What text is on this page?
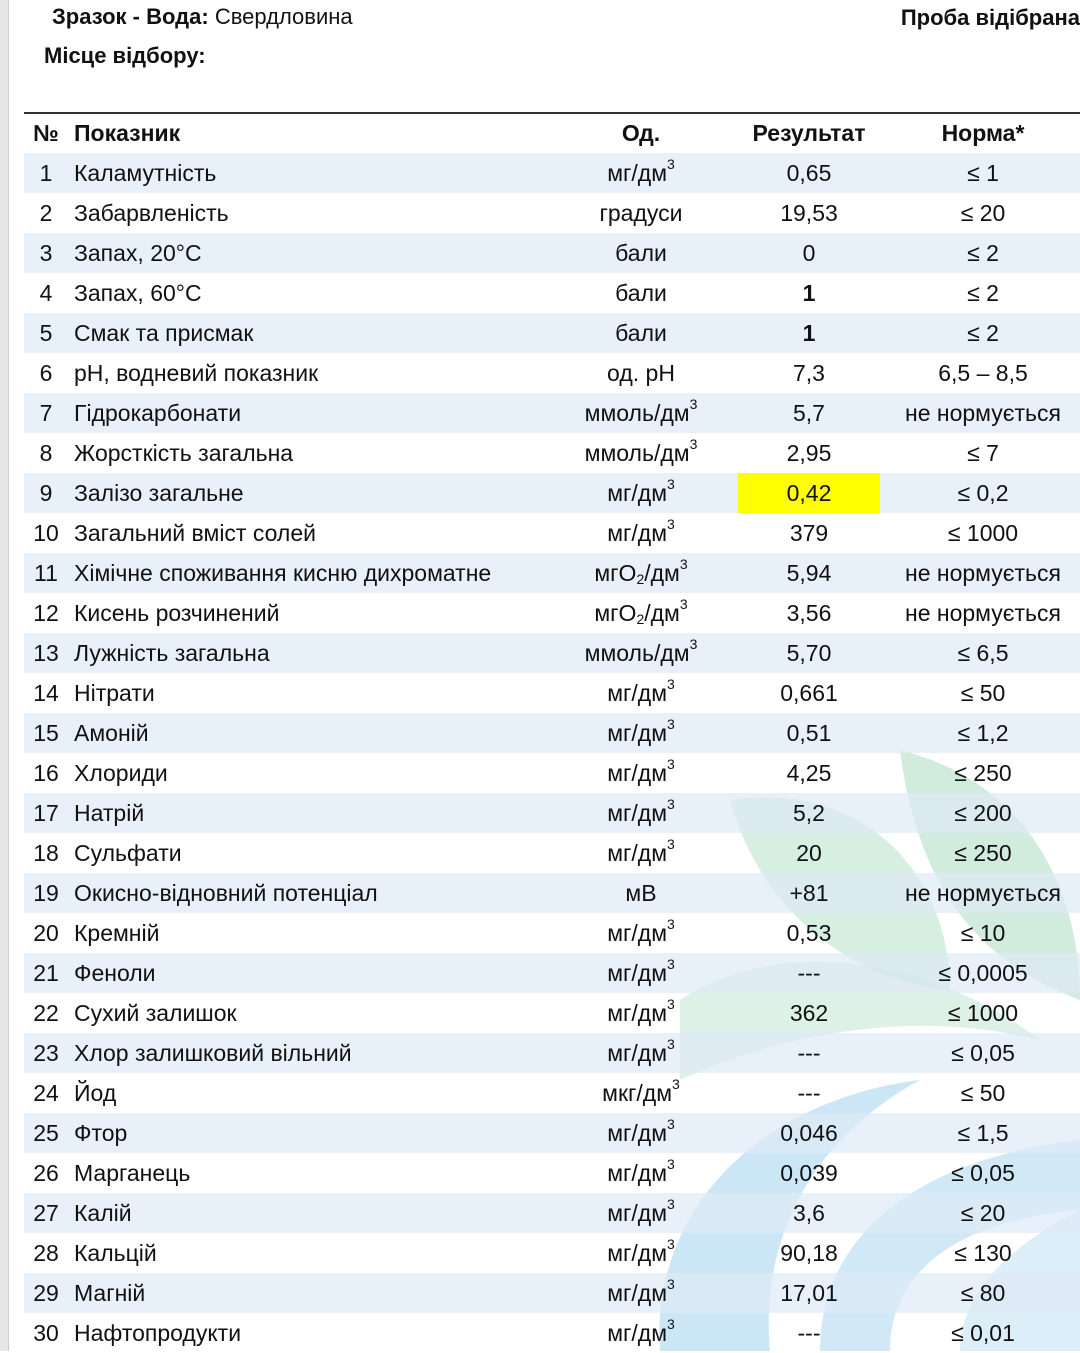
Зразок - Вода: Свердловина	Проба відібрана
Місце відбору:
№	Показник	Од.	Результат	Норма*
1	Каламутність	$мг/дм^3$	0,65	≤ 1
2	Забарвленість	градуси	19,53	≤ 20
3	Запах, 20°С	бали	0	≤ 2
4	Запах, 60°С	бали	1	≤ 2
5	Смак та присмак	бали	1	≤ 2
6	pH, водневий показник	од. рН	7,3	6,5 – 8,5
7	Гідрокарбонати	ммоль/$дм^3$	5,7	не нормується
8	Жорсткість загальна	ммоль/$дм^3$	2,95	≤ 7
9	Залізо загальне	$мг/дм^3$	0,42	≤ 0,2
10	Загальний вміст солей	$мг/дм^3$	379	≤ 1000
11	Хімічне споживання кисню дихроматне	$мгО2/дм^3$	5,94	не нормується
12	Кисень розчинений	$мгО2/дм^3$	3,56	не нормується
13	Лужність загальна	ммоль/$дм^3$	5,70	≤ 6,5
14	Нітрати	$мг/дм^3$	0,661	≤ 50
15	Амоній	$мг/дм^3$	0,51	≤ 1,2
16	Хлориди	$мг/дм^3$	4,25	≤ 250
17	Натрій	$мг/дм^3$	5,2	≤ 200
18	Сульфати	$мг/дм^3$	20	≤ 250
19	Окисно-відновний потенціал	мВ	+81	не нормується
20	Кремній	$мг/дм^3$	0,53	≤ 10
21	Феноли	$мг/дм^3$	---	≤ 0,0005
22	Сухий залишок	$мг/дм^3$	362	≤ 1000
23	Хлор залишковий вільний	$мг/дм^3$	---	≤ 0,05
24	Йод	мкг/$дм^3$	---	≤ 50
25	Фтор	$мг/дм^3$	0,046	≤ 1,5
26	Марганець	$мг/дм^3$	0,039	≤ 0,05
27	Калій	$мг/дм^3$	3,6	≤ 20
28	Кальцій	$мг/дм^3$	90,18	≤ 130
29	Магній	$мг/дм^3$	17,01	≤ 80
30	Нафтопродукти	$мг/дм^3$	---	≤ 0,01
